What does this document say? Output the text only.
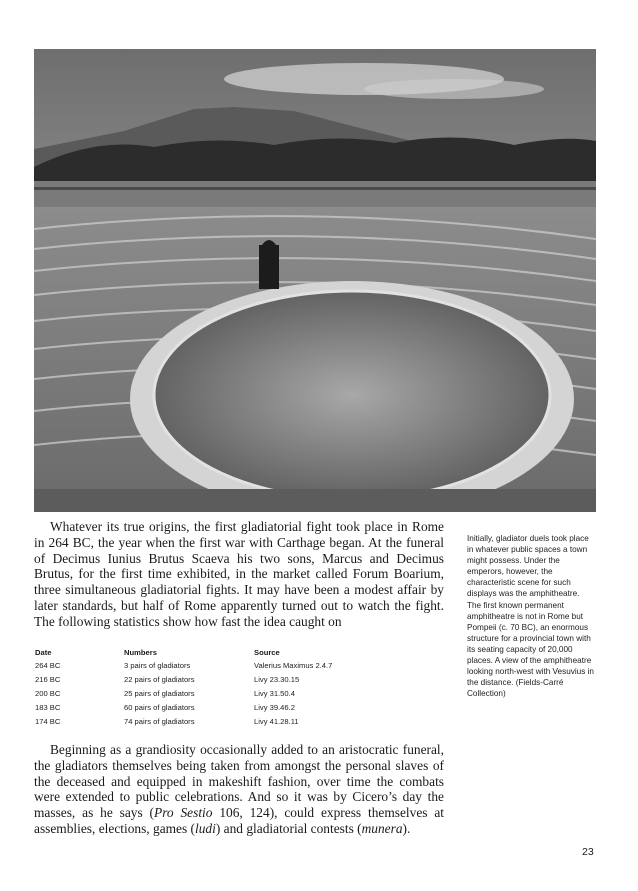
Whatever its true origins, the first gladiatorial fight took place in Rome in 264 BC, the year when the first war with Carthage began. At the funeral of Decimus Iunius Brutus Scaeva his two sons, Marcus and Decimus Brutus, for the first time exhibited, in the market called Forum Boarium, three simultaneous gladiatorial fights. It may have been a modest affair by later standards, but half of Rome apparently turned out to watch the fight. The following statistics show how fast the idea caught on

Date	Numbers	Source
264 BC	3 pairs of gladiators	Valerius Maximus 2.4.7
216 BC	22 pairs of gladiators	Livy 23.30.15
200 BC	25 pairs of gladiators	Livy 31.50.4
183 BC	60 pairs of gladiators	Livy 39.46.2
174 BC	74 pairs of gladiators	Livy 41.28.11

Beginning as a grandiosity occasionally added to an aristocratic funeral, the gladiators themselves being taken from amongst the personal slaves of the deceased and equipped in makeshift fashion, over time the combats were extended to public celebrations. And so it was by Cicero’s day the masses, as he says (Pro Sestio 106, 124), could express themselves at assemblies, elections, games (ludi) and gladiatorial contests (munera).

Initially, gladiator duels took place in whatever public spaces a town might possess. Under the emperors, however, the characteristic scene for such displays was the amphitheatre. The first known permanent amphitheatre is not in Rome but Pompeii (c. 70 BC), an enormous structure for a provincial town with its seating capacity of 20,000 places. A view of the amphitheatre looking north-west with Vesuvius in the distance. (Fields-Carré Collection)
23
